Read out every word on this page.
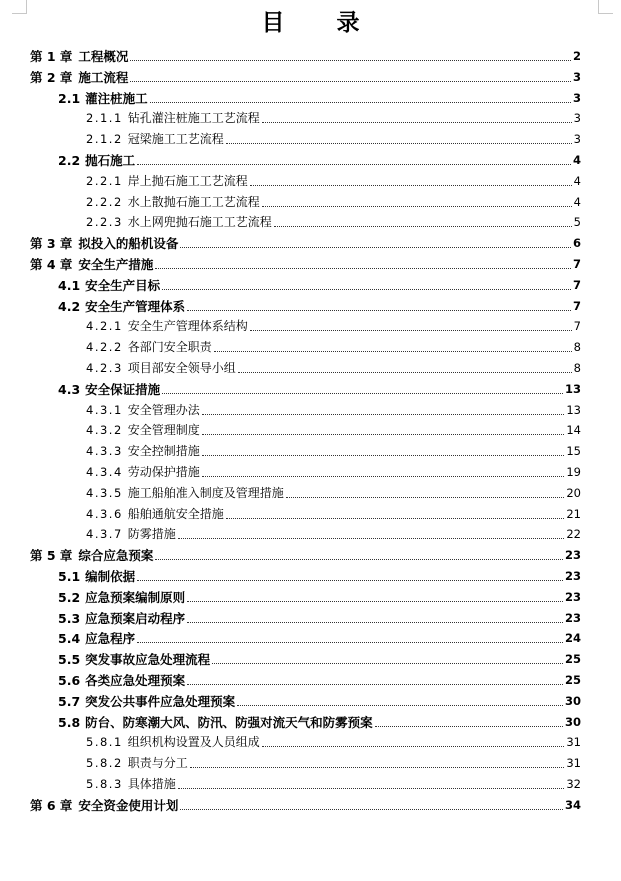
目 录
第 1 章 工程概况	2
第 2 章 施工流程	3
2.1 灌注桩施工	3
2.1.1 钻孔灌注桩施工工艺流程	3
2.1.2 冠梁施工工艺流程	3
2.2 抛石施工	4
2.2.1 岸上抛石施工工艺流程	4
2.2.2 水上散抛石施工工艺流程	4
2.2.3 水上网兜抛石施工工艺流程	5
第 3 章 拟投入的船机设备	6
第 4 章 安全生产措施	7
4.1 安全生产目标	7
4.2 安全生产管理体系	7
4.2.1 安全生产管理体系结构	7
4.2.2 各部门安全职责	8
4.2.3 项目部安全领导小组	8
4.3 安全保证措施	13
4.3.1 安全管理办法	13
4.3.2 安全管理制度	14
4.3.3 安全控制措施	15
4.3.4 劳动保护措施	19
4.3.5 施工船舶准入制度及管理措施	20
4.3.6 船舶通航安全措施	21
4.3.7 防雾措施	22
第 5 章 综合应急预案	23
5.1 编制依据	23
5.2 应急预案编制原则	23
5.3 应急预案启动程序	23
5.4 应急程序	24
5.5 突发事故应急处理流程	25
5.6 各类应急处理预案	25
5.7 突发公共事件应急处理预案	30
5.8 防台、防寒潮大风、防汛、防强对流天气和防雾预案	30
5.8.1 组织机构设置及人员组成	31
5.8.2 职责与分工	31
5.8.3 具体措施	32
第 6 章 安全资金使用计划	34
